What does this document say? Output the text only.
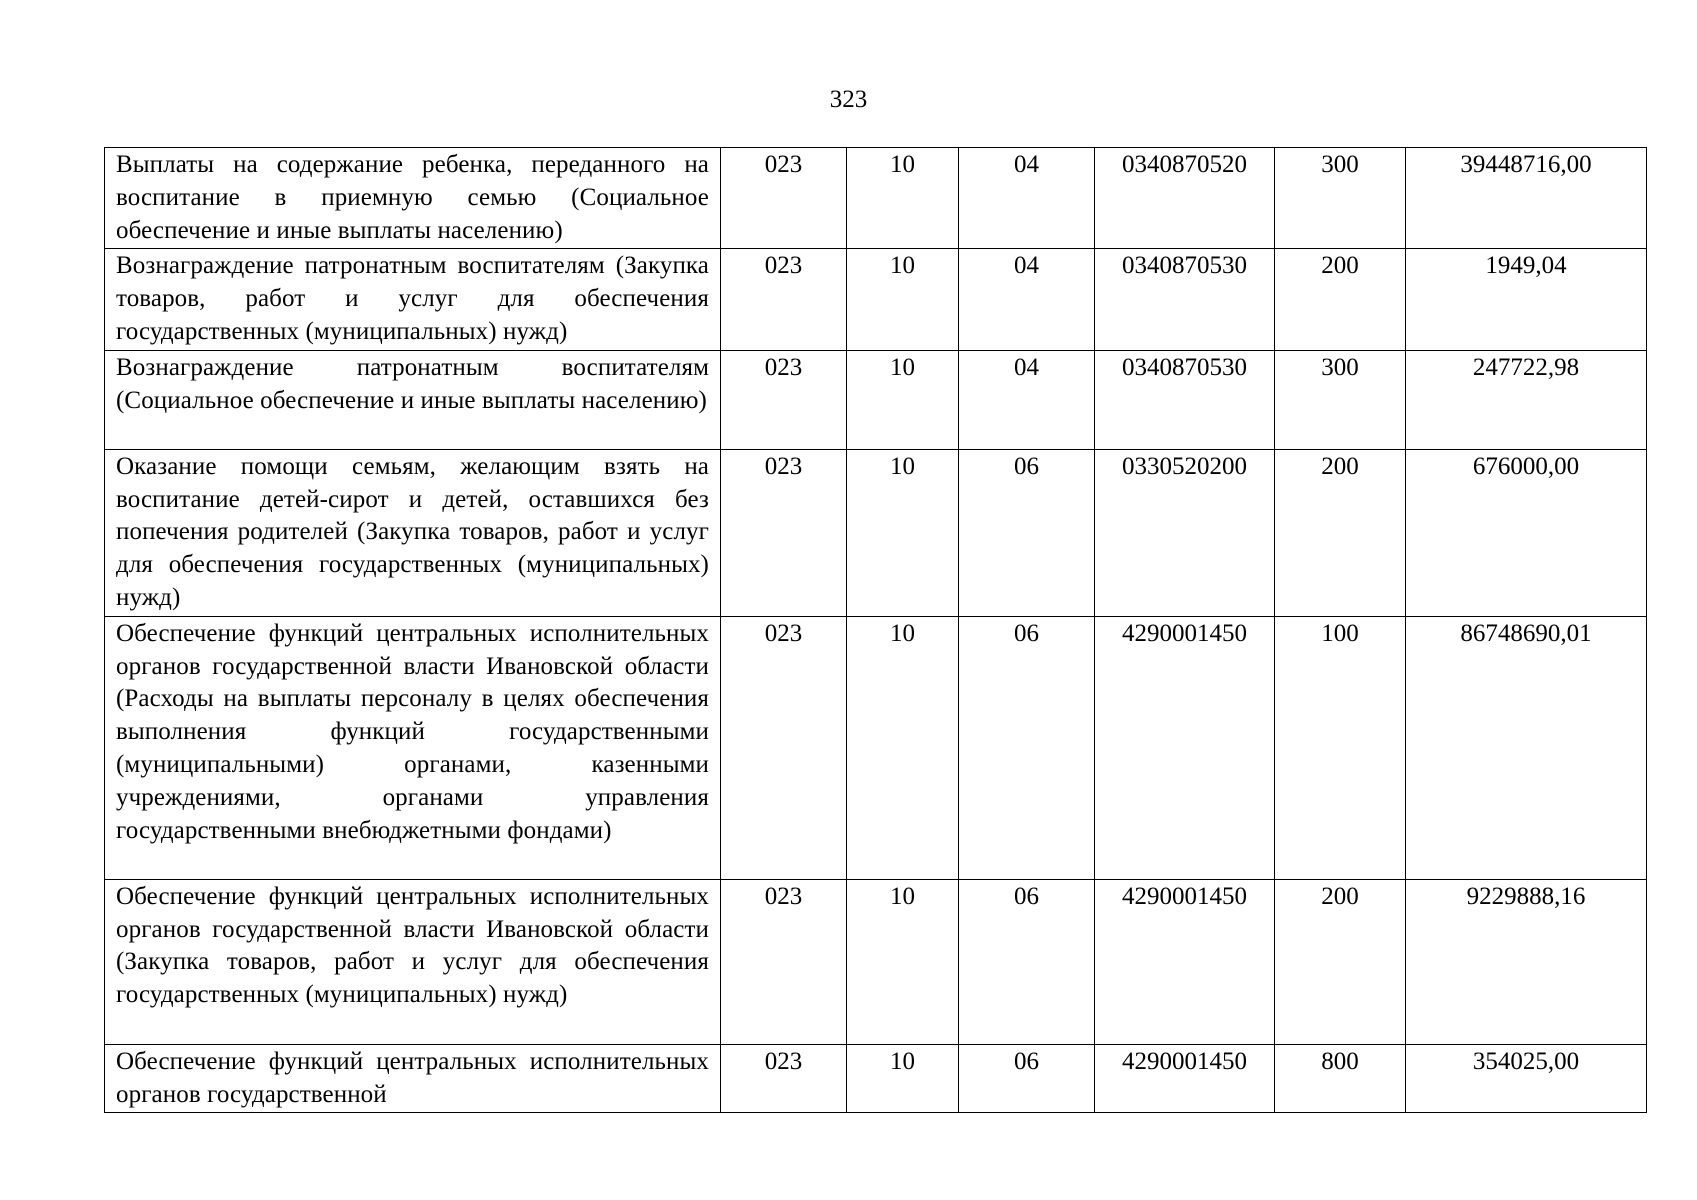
323
Выплаты на содержание ребенка, переданного на воспитание в приемную семью (Социальное обеспечение и иные выплаты населению)	023	10	04	0340870520	300	39448716,00
Вознаграждение патронатным воспитателям (Закупка товаров, работ и услуг для обеспечения государственных (муниципальных) нужд)	023	10	04	0340870530	200	1949,04
Вознаграждение патронатным воспитателям (Социальное обеспечение и иные выплаты населению)	023	10	04	0340870530	300	247722,98
Оказание помощи семьям, желающим взять на воспитание детей-сирот и детей, оставшихся без попечения родителей (Закупка товаров, работ и услуг для обеспечения государственных (муниципальных) нужд)	023	10	06	0330520200	200	676000,00
Обеспечение функций центральных исполнительных органов государственной власти Ивановской области (Расходы на выплаты персоналу в целях обеспечения выполнения функций государственными (муниципальными) органами, казенными учреждениями, органами управления государственными внебюджетными фондами)	023	10	06	4290001450	100	86748690,01
Обеспечение функций центральных исполнительных органов государственной власти Ивановской области (Закупка товаров, работ и услуг для обеспечения государственных (муниципальных) нужд)	023	10	06	4290001450	200	9229888,16
Обеспечение функций центральных исполнительных органов государственной	023	10	06	4290001450	800	354025,00
